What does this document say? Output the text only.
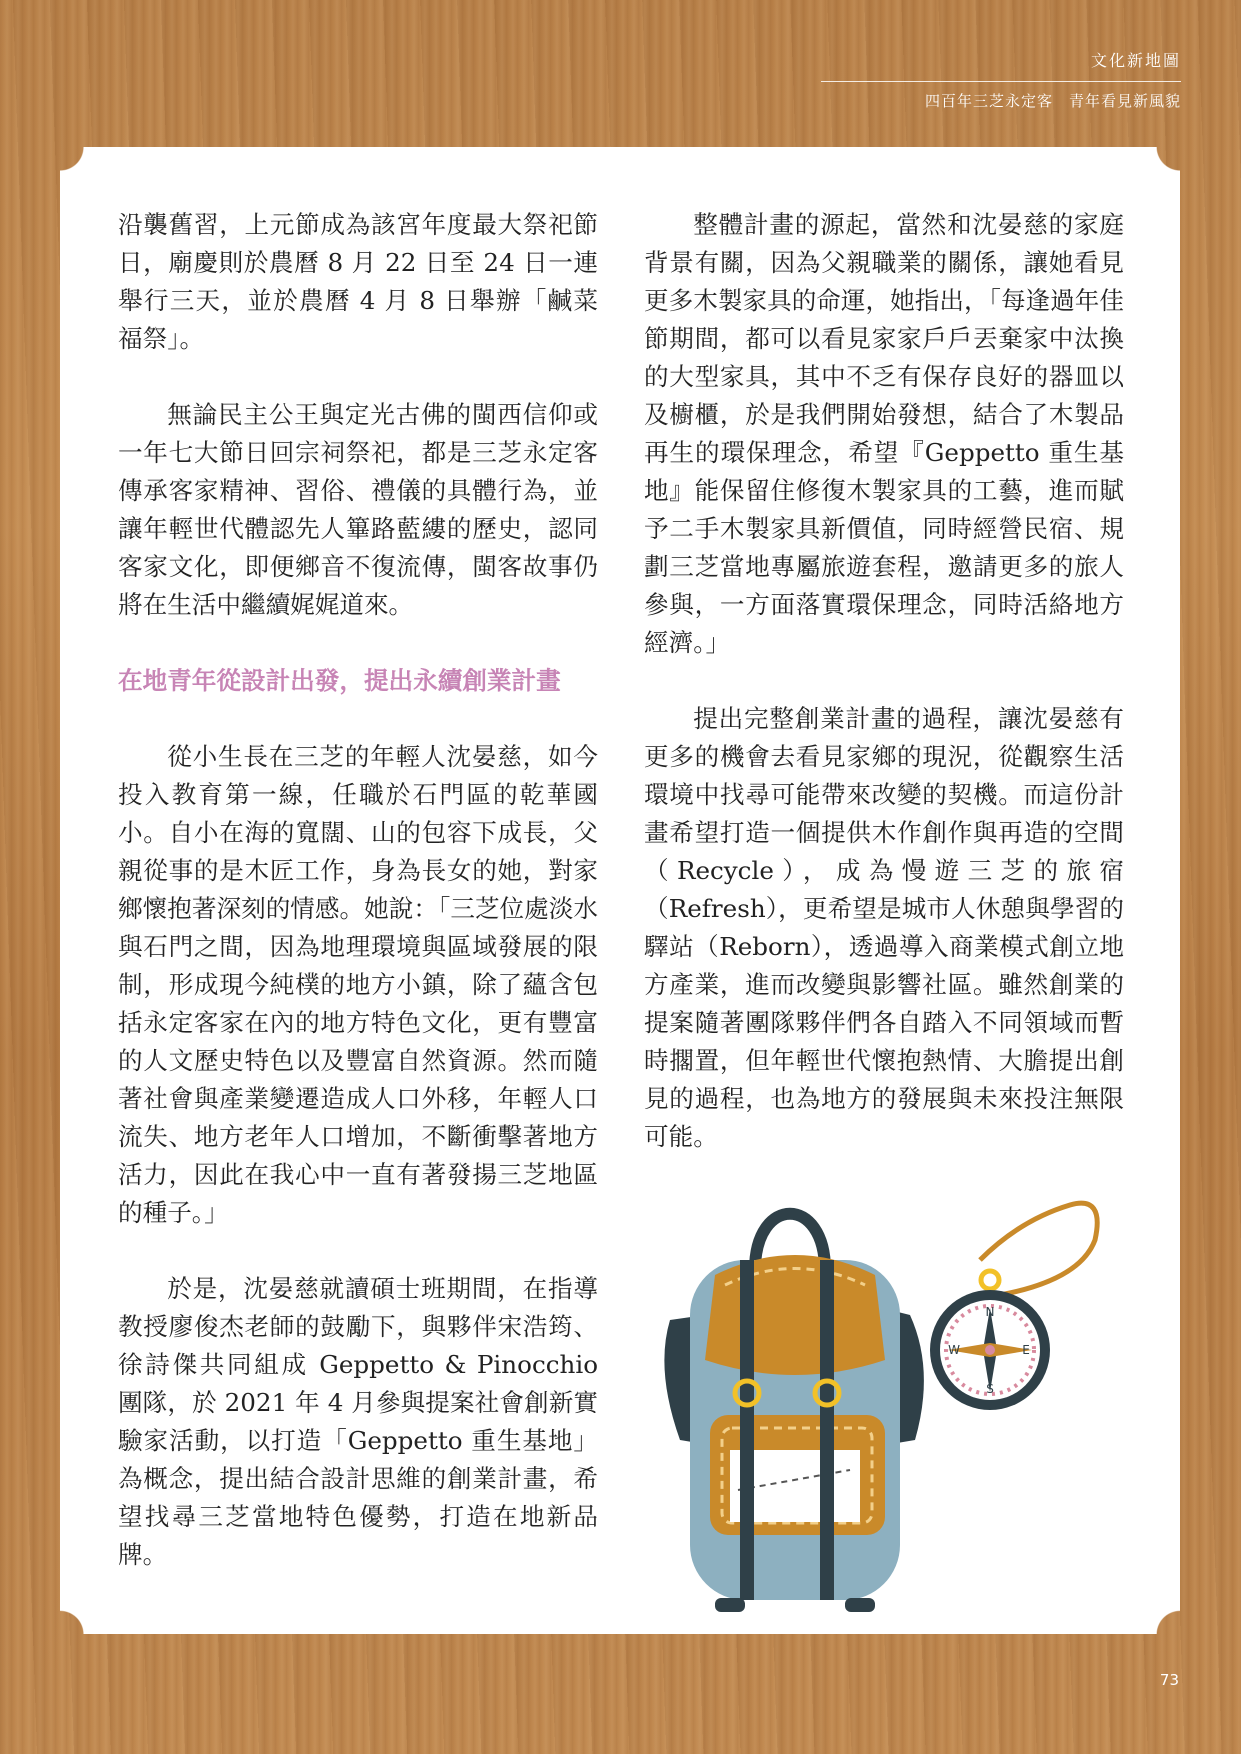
文化新地圖
四百年三芝永定客　青年看見新風貌

沿襲舊習，上元節成為該宮年度最大祭祀節日，廟慶則於農曆 8 月 22 日至 24 日一連舉行三天，並於農曆 4 月 8 日舉辦「鹹菜福祭」。

無論民主公王與定光古佛的閩西信仰或一年七大節日回宗祠祭祀，都是三芝永定客傳承客家精神、習俗、禮儀的具體行為，並讓年輕世代體認先人篳路藍縷的歷史，認同客家文化，即便鄉音不復流傳，閩客故事仍將在生活中繼續娓娓道來。

在地青年從設計出發，提出永續創業計畫

從小生長在三芝的年輕人沈晏慈，如今投入教育第一線，任職於石門區的乾華國小。自小在海的寬闊、山的包容下成長，父親從事的是木匠工作，身為長女的她，對家鄉懷抱著深刻的情感。她說：「三芝位處淡水與石門之間，因為地理環境與區域發展的限制，形成現今純樸的地方小鎮，除了蘊含包括永定客家在內的地方特色文化，更有豐富的人文歷史特色以及豐富自然資源。然而隨著社會與產業變遷造成人口外移，年輕人口流失、地方老年人口增加，不斷衝擊著地方活力，因此在我心中一直有著發揚三芝地區的種子。」

於是，沈晏慈就讀碩士班期間，在指導教授廖俊杰老師的鼓勵下，與夥伴宋浩筠、徐詩傑共同組成 Geppetto & Pinocchio 團隊，於 2021 年 4 月參與提案社會創新實驗家活動，以打造「Geppetto 重生基地」為概念，提出結合設計思維的創業計畫，希望找尋三芝當地特色優勢，打造在地新品牌。

整體計畫的源起，當然和沈晏慈的家庭背景有關，因為父親職業的關係，讓她看見更多木製家具的命運，她指出，「每逢過年佳節期間，都可以看見家家戶戶丟棄家中汰換的大型家具，其中不乏有保存良好的器皿以及櫥櫃，於是我們開始發想，結合了木製品再生的環保理念，希望『Geppetto 重生基地』能保留住修復木製家具的工藝，進而賦予二手木製家具新價值，同時經營民宿、規劃三芝當地專屬旅遊套程，邀請更多的旅人參與，一方面落實環保理念，同時活絡地方經濟。」

提出完整創業計畫的過程，讓沈晏慈有更多的機會去看見家鄉的現況，從觀察生活環境中找尋可能帶來改變的契機。而這份計畫希望打造一個提供木作創作與再造的空間（Recycle），成為慢遊三芝的旅宿（Refresh），更希望是城市人休憩與學習的驛站（Reborn），透過導入商業模式創立地方產業，進而改變與影響社區。雖然創業的提案隨著團隊夥伴們各自踏入不同領域而暫時擱置，但年輕世代懷抱熱情、大膽提出創見的過程，也為地方的發展與未來投注無限可能。

N
S
E
W
73
